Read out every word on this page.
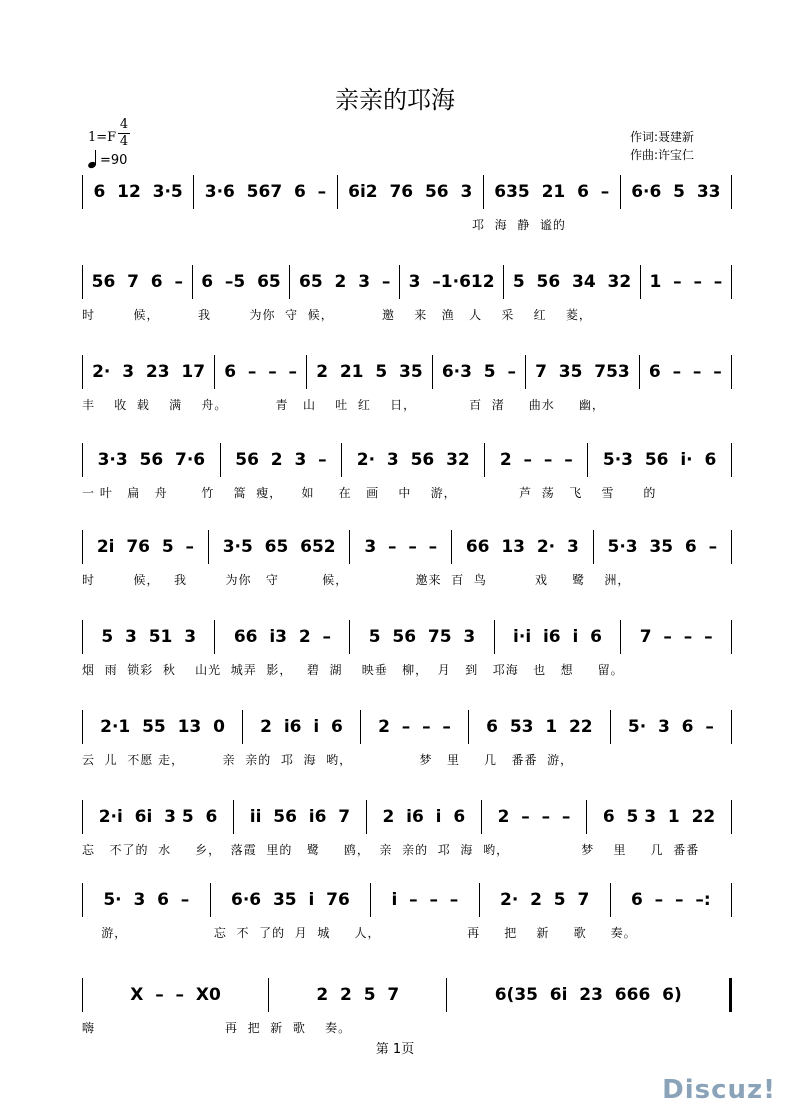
亲亲的邛海
1=F
4
4
=90
作词:聂建新
作曲:许宝仁
6  12  3·5 3·6  567  6  – 6i2  76  56  3 635  21  6  – 6·6  5  33
邛  海  静  谧的
56  7  6  – 6  –5  65 65  2  3  – 3  –1·612 5  56  34  32 1  –  –  –
时        候，        我        为你  守  候，          邀    来   渔   人    采    红    菱，
2·  3  23  17 6  –  –  – 2  21  5  35 6·3  5  – 7  35  753 6  –  –  –
丰    收  载    满    舟。          青   山    吐  红    日，           百  渚     曲水     幽，
3·3  56  7·6 56  2  3  – 2·  3  56  32 2  –  –  – 5·3  56  i·  6
一 叶   扁   舟       竹    篙  瘦，    如     在   画    中    游，             芦  荡   飞    雪      的
2i  76  5  – 3·5  65  652 3  –  –  – 66  13  2·  3 5·3  35  6  –
时        候，   我        为你   守         候，              邀来  百  鸟          戏     鹭    洲，
5  3  51  3 66  i3  2  – 5  56  75  3 i·i  i6  i  6 7  –  –  –
烟  雨  锁彩  秋    山光  城弄  影，   碧  湖    映垂   柳，  月   到   邛海   也   想     留。
2·1  55  13  0 2  i6  i  6 2  –  –  – 6  53  1  22 5·  3  6  –
云  儿  不愿 走，        亲  亲的  邛  海  哟，              梦   里     几   番番  游，
2·i  6i  3 5  6 ii  56  i6  7 2  i6  i  6 2  –  –  – 6  5 3  1  22
忘   不了的  水     乡，  落霞  里的   鹭     鸥，  亲  亲的  邛  海  哟，               梦    里     几  番番
5·  3  6  – 6·6  35  i  76 i  –  –  – 2·  2  5  7 6  –  –  –:
游，                  忘  不  了的  月  城     人，                  再     把    新     歌     奏。
X  –  –  X0	2  2  5  7	6(35  6i  23  666  6)
嗨                           再  把  新  歌    奏。
第 1页
Discuz!
